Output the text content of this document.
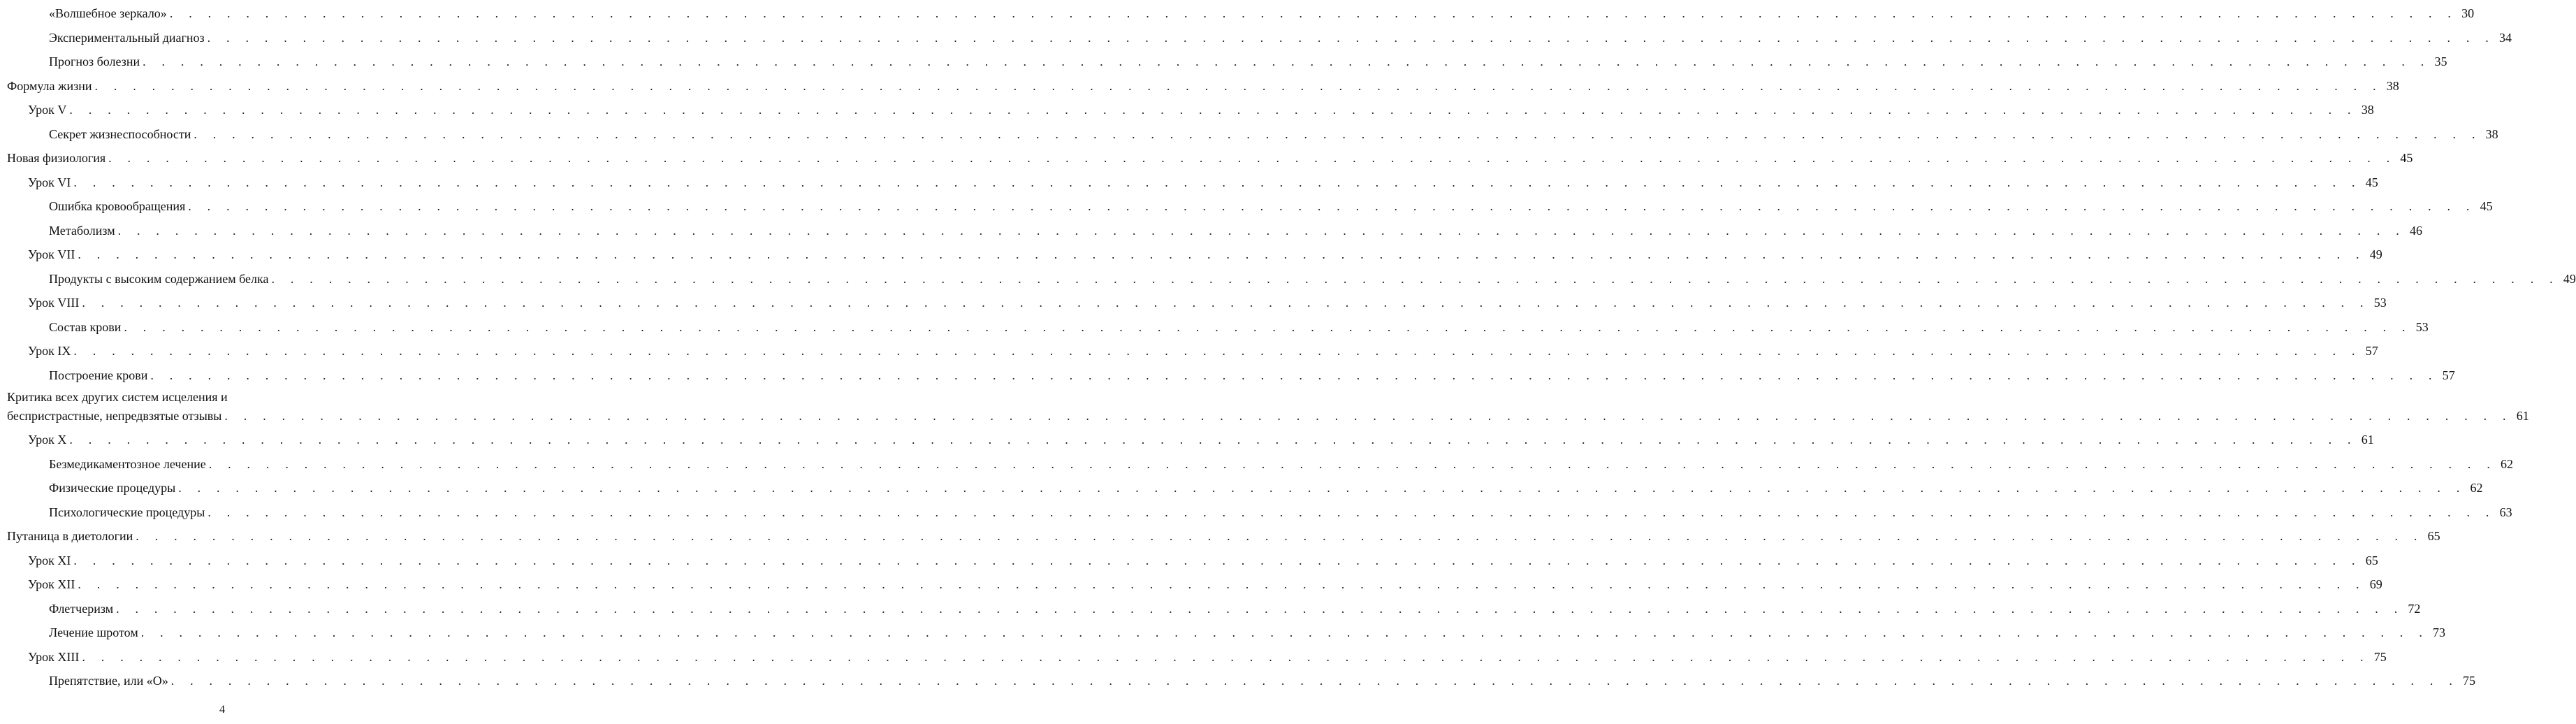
«Волшебное зеркало» . . . . . . . . . . . . . . . . . . . . . . . . . . . . . . . . . . . . . . . . . . . . . . . . . . . . . . . . . . . . . . . . . . . . . . . . . . . . . . . . . . . . . . . . . . . . . . . . . . . . . . . . . . . . . . . . . . . . . . . . 30
Экспериментальный диагноз . . . . . . . . . . . . . . . . . . . . . . . . . . . . . . . . . . . . . . . . . . . . . . . . . . . . . . . . . . . . . . . . . . . . . . . . . . . . . . . . . . . . . . . . . . . . . . . . . . . . . . . . . . . . . . . . . . . . . . . . 34
Прогноз болезни . . . . . . . . . . . . . . . . . . . . . . . . . . . . . . . . . . . . . . . . . . . . . . . . . . . . . . . . . . . . . . . . . . . . . . . . . . . . . . . . . . . . . . . . . . . . . . . . . . . . . . . . . . . . . . . . . . . . . . . . 35
Формула жизни . . . . . . . . . . . . . . . . . . . . . . . . . . . . . . . . . . . . . . . . . . . . . . . . . . . . . . . . . . . . . . . . . . . . . . . . . . . . . . . . . . . . . . . . . . . . . . . . . . . . . . . . . . . . . . . . . . . . . . . . 38
Урок V . . . . . . . . . . . . . . . . . . . . . . . . . . . . . . . . . . . . . . . . . . . . . . . . . . . . . . . . . . . . . . . . . . . . . . . . . . . . . . . . . . . . . . . . . . . . . . . . . . . . . . . . . . . . . . . . . . . . . . . . 38
Секрет жизнеспособности . . . . . . . . . . . . . . . . . . . . . . . . . . . . . . . . . . . . . . . . . . . . . . . . . . . . . . . . . . . . . . . . . . . . . . . . . . . . . . . . . . . . . . . . . . . . . . . . . . . . . . . . . . . . . . . . . . . . . . . . 38
Новая физиология . . . . . . . . . . . . . . . . . . . . . . . . . . . . . . . . . . . . . . . . . . . . . . . . . . . . . . . . . . . . . . . . . . . . . . . . . . . . . . . . . . . . . . . . . . . . . . . . . . . . . . . . . . . . . . . . . . . . . . . . 45
Урок VI . . . . . . . . . . . . . . . . . . . . . . . . . . . . . . . . . . . . . . . . . . . . . . . . . . . . . . . . . . . . . . . . . . . . . . . . . . . . . . . . . . . . . . . . . . . . . . . . . . . . . . . . . . . . . . . . . . . . . . . . 45
Ошибка кровообращения . . . . . . . . . . . . . . . . . . . . . . . . . . . . . . . . . . . . . . . . . . . . . . . . . . . . . . . . . . . . . . . . . . . . . . . . . . . . . . . . . . . . . . . . . . . . . . . . . . . . . . . . . . . . . . . . . . . . . . . . 45
Метаболизм . . . . . . . . . . . . . . . . . . . . . . . . . . . . . . . . . . . . . . . . . . . . . . . . . . . . . . . . . . . . . . . . . . . . . . . . . . . . . . . . . . . . . . . . . . . . . . . . . . . . . . . . . . . . . . . . . . . . . . . . 46
Урок VII . . . . . . . . . . . . . . . . . . . . . . . . . . . . . . . . . . . . . . . . . . . . . . . . . . . . . . . . . . . . . . . . . . . . . . . . . . . . . . . . . . . . . . . . . . . . . . . . . . . . . . . . . . . . . . . . . . . . . . . . 49
Продукты с высоким содержанием белка . . . . . . . . . . . . . . . . . . . . . . . . . . . . . . . . . . . . . . . . . . . . . . . . . . . . . . . . . . . . . . . . . . . . . . . . . . . . . . . . . . . . . . . . . . . . . . . . . . . . . . . . . . . . . . . . . . . . . . . . 49
Урок VIII . . . . . . . . . . . . . . . . . . . . . . . . . . . . . . . . . . . . . . . . . . . . . . . . . . . . . . . . . . . . . . . . . . . . . . . . . . . . . . . . . . . . . . . . . . . . . . . . . . . . . . . . . . . . . . . . . . . . . . . . 53
Состав крови . . . . . . . . . . . . . . . . . . . . . . . . . . . . . . . . . . . . . . . . . . . . . . . . . . . . . . . . . . . . . . . . . . . . . . . . . . . . . . . . . . . . . . . . . . . . . . . . . . . . . . . . . . . . . . . . . . . . . . . . 53
Урок IX . . . . . . . . . . . . . . . . . . . . . . . . . . . . . . . . . . . . . . . . . . . . . . . . . . . . . . . . . . . . . . . . . . . . . . . . . . . . . . . . . . . . . . . . . . . . . . . . . . . . . . . . . . . . . . . . . . . . . . . . 57
Построение крови . . . . . . . . . . . . . . . . . . . . . . . . . . . . . . . . . . . . . . . . . . . . . . . . . . . . . . . . . . . . . . . . . . . . . . . . . . . . . . . . . . . . . . . . . . . . . . . . . . . . . . . . . . . . . . . . . . . . . . . . 57
Критика всех других систем исцеления и
беспристрастные, непредвзятые отзывы . . . . . . . . . . . . . . . . . . . . . . . . . . . . . . . . . . . . . . . . . . . . . . . . . . . . . . . . . . . . . . . . . . . . . . . . . . . . . . . . . . . . . . . . . . . . . . . . . . . . . . . . . . . . . . . . . . . . . . . . 61
Урок X . . . . . . . . . . . . . . . . . . . . . . . . . . . . . . . . . . . . . . . . . . . . . . . . . . . . . . . . . . . . . . . . . . . . . . . . . . . . . . . . . . . . . . . . . . . . . . . . . . . . . . . . . . . . . . . . . . . . . . . . 61
Безмедикаментозное лечение . . . . . . . . . . . . . . . . . . . . . . . . . . . . . . . . . . . . . . . . . . . . . . . . . . . . . . . . . . . . . . . . . . . . . . . . . . . . . . . . . . . . . . . . . . . . . . . . . . . . . . . . . . . . . . . . . . . . . . . . 62
Физические процедуры . . . . . . . . . . . . . . . . . . . . . . . . . . . . . . . . . . . . . . . . . . . . . . . . . . . . . . . . . . . . . . . . . . . . . . . . . . . . . . . . . . . . . . . . . . . . . . . . . . . . . . . . . . . . . . . . . . . . . . . . 62
Психологические процедуры . . . . . . . . . . . . . . . . . . . . . . . . . . . . . . . . . . . . . . . . . . . . . . . . . . . . . . . . . . . . . . . . . . . . . . . . . . . . . . . . . . . . . . . . . . . . . . . . . . . . . . . . . . . . . . . . . . . . . . . . 63
Путаница в диетологии . . . . . . . . . . . . . . . . . . . . . . . . . . . . . . . . . . . . . . . . . . . . . . . . . . . . . . . . . . . . . . . . . . . . . . . . . . . . . . . . . . . . . . . . . . . . . . . . . . . . . . . . . . . . . . . . . . . . . . . . 65
Урок XI . . . . . . . . . . . . . . . . . . . . . . . . . . . . . . . . . . . . . . . . . . . . . . . . . . . . . . . . . . . . . . . . . . . . . . . . . . . . . . . . . . . . . . . . . . . . . . . . . . . . . . . . . . . . . . . . . . . . . . . . 65
Урок XII . . . . . . . . . . . . . . . . . . . . . . . . . . . . . . . . . . . . . . . . . . . . . . . . . . . . . . . . . . . . . . . . . . . . . . . . . . . . . . . . . . . . . . . . . . . . . . . . . . . . . . . . . . . . . . . . . . . . . . . . 69
Флетчеризм . . . . . . . . . . . . . . . . . . . . . . . . . . . . . . . . . . . . . . . . . . . . . . . . . . . . . . . . . . . . . . . . . . . . . . . . . . . . . . . . . . . . . . . . . . . . . . . . . . . . . . . . . . . . . . . . . . . . . . . . 72
Лечение шротом . . . . . . . . . . . . . . . . . . . . . . . . . . . . . . . . . . . . . . . . . . . . . . . . . . . . . . . . . . . . . . . . . . . . . . . . . . . . . . . . . . . . . . . . . . . . . . . . . . . . . . . . . . . . . . . . . . . . . . . . 73
Урок XIII . . . . . . . . . . . . . . . . . . . . . . . . . . . . . . . . . . . . . . . . . . . . . . . . . . . . . . . . . . . . . . . . . . . . . . . . . . . . . . . . . . . . . . . . . . . . . . . . . . . . . . . . . . . . . . . . . . . . . . . . 75
Препятствие, или «О» . . . . . . . . . . . . . . . . . . . . . . . . . . . . . . . . . . . . . . . . . . . . . . . . . . . . . . . . . . . . . . . . . . . . . . . . . . . . . . . . . . . . . . . . . . . . . . . . . . . . . . . . . . . . . . . . . . . . . . . . 75
4
